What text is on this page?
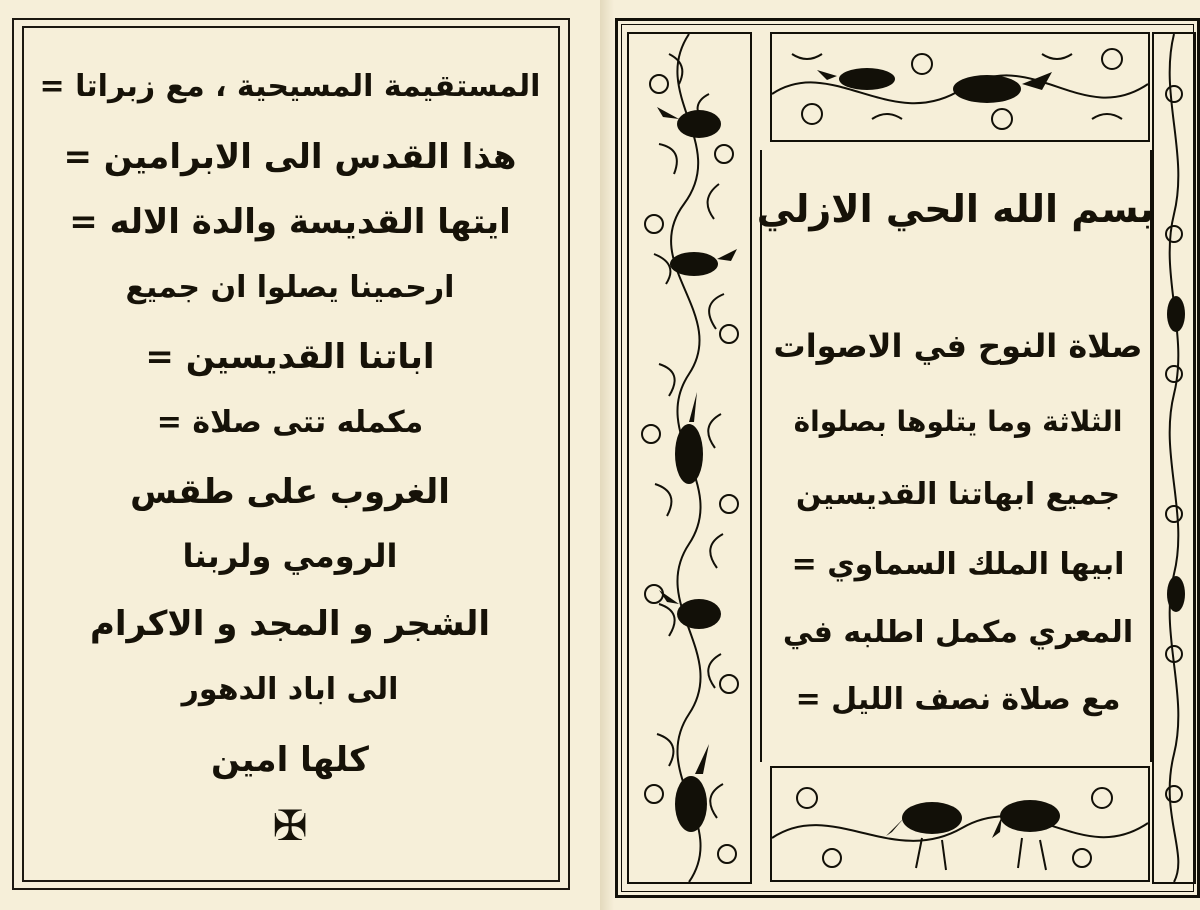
المستقيمة المسيحية ، مع زبراتا =
هذا القدس الى الابرامين =
ايتها القديسة والدة الاله =
ارحمينا يصلوا ان جميع
اباتنا القديسين =
مكمله تتى صلاة =
الغروب على طقس
الرومي ولربنا
الشجر و المجد و الاكرام
الى اباد الدهور
كلها امين
✠
بسم الله الحي الازلي
صلاة النوح في الاصوات
الثلاثة وما يتلوها بصلواة
جميع ابهاتنا القديسين
ابيها الملك السماوي =
المعري مكمل اطلبه في
مع صلاة نصف الليل =
